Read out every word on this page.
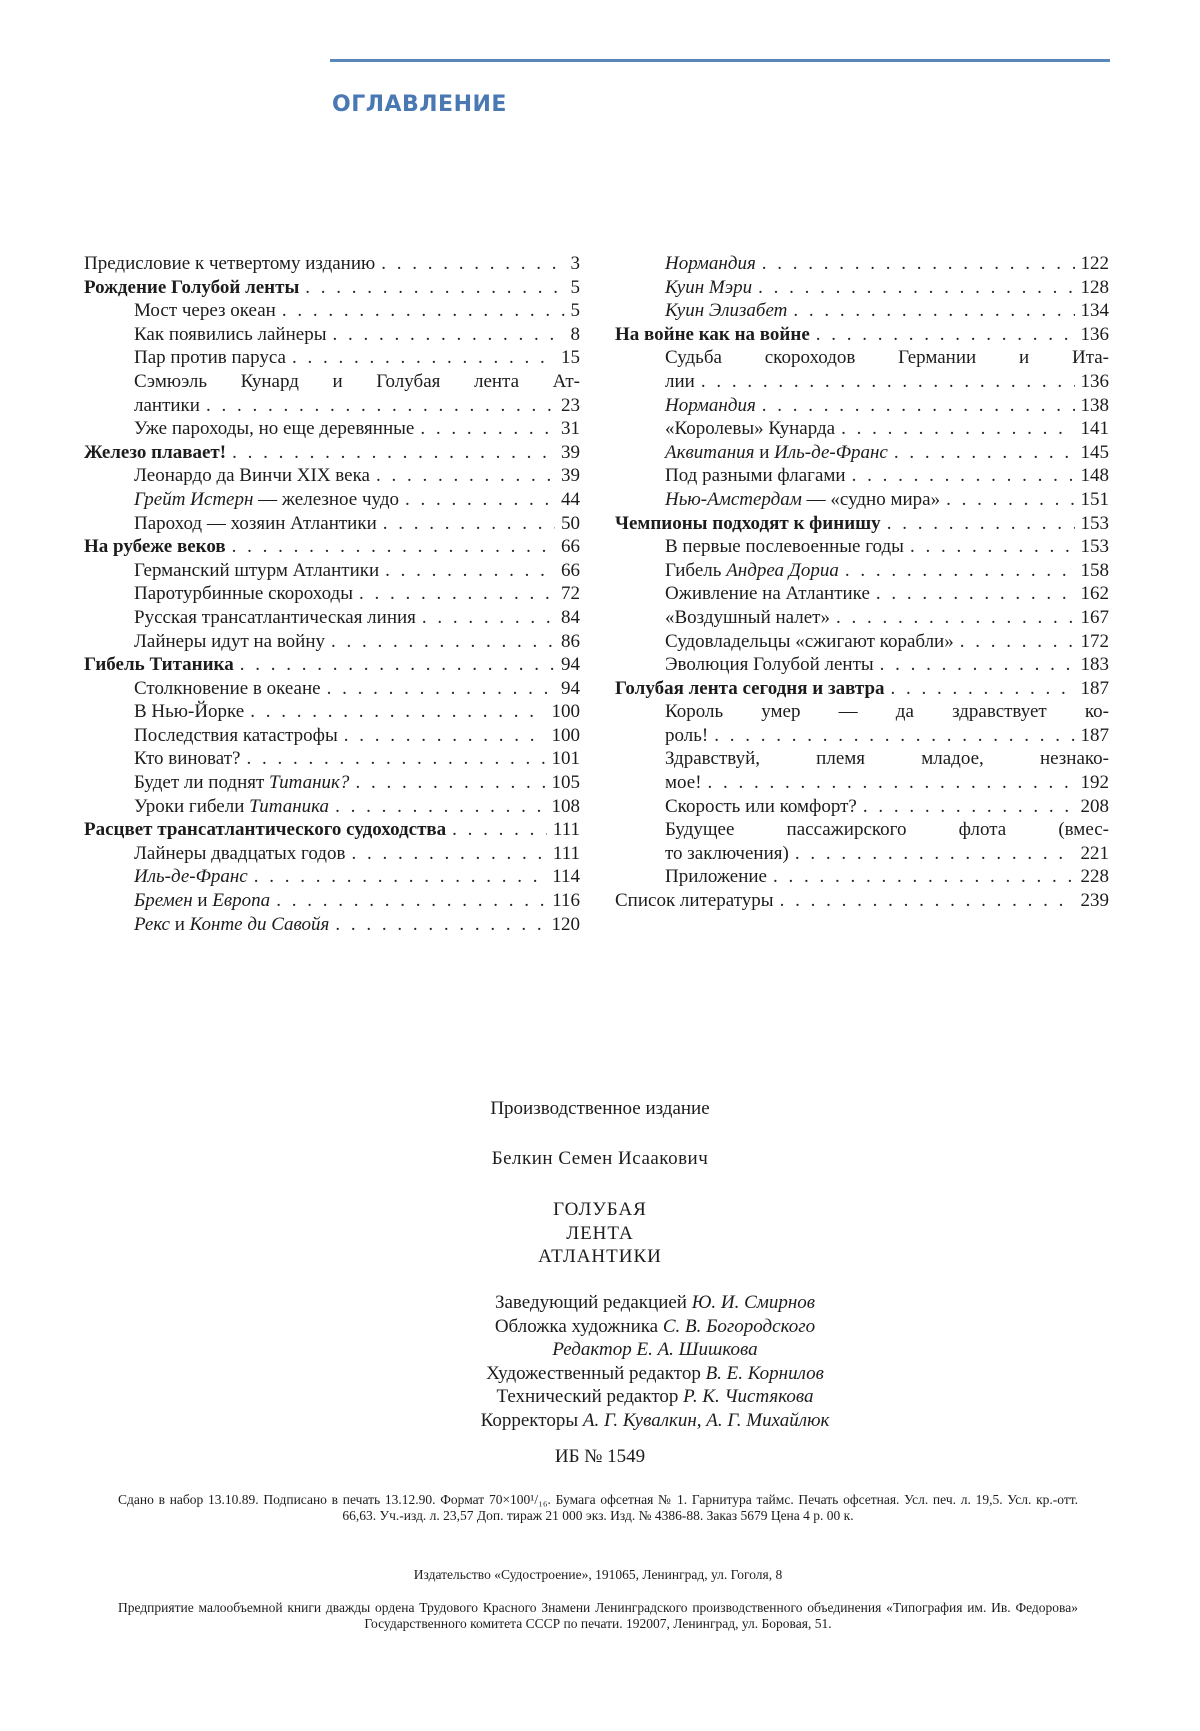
ОГЛАВЛЕНИЕ
Предисловие к четвертому изданию . . .	3
Рождение Голубой ленты . . .	5
Мост через океан . . .	5
Как появились лайнеры . . .	8
Пар против паруса . . .	15
Сэмюэль Кунард и Голубая лента Ат-
лантики . . .	23
Уже пароходы, но еще деревянные . . .	31
Железо плавает! . . .	39
Леонардо да Винчи XIX века . . .	39
Грейт Истерн — железное чудо . . .	44
Пароход — хозяин Атлантики . . .	50
На рубеже веков . . .	66
Германский штурм Атлантики . . .	66
Паротурбинные скороходы . . .	72
Русская трансатлантическая линия . . .	84
Лайнеры идут на войну . . .	86
Гибель Титаника . . .	94
Столкновение в океане . . .	94
В Нью-Йорке . . .	100
Последствия катастрофы . . .	100
Кто виноват? . . .	101
Будет ли поднят Титаник? . . .	105
Уроки гибели Титаника . . .	108
Расцвет трансатлантического судоходства . . .	111
Лайнеры двадцатых годов . . .	111
Иль-де-Франс . . .	114
Бремен и Европа . . .	116
Рекс и Конте ди Савойя . . .	120
Нормандия . . .	122
Куин Мэри . . .	128
Куин Элизабет . . .	134
На войне как на войне . . .	136
Судьба скороходов Германии и Ита-
лии . . .	136
Нормандия . . .	138
«Королевы» Кунарда . . .	141
Аквитания и Иль-де-Франс . . .	145
Под разными флагами . . .	148
Нью-Амстердам — «судно мира» . . .	151
Чемпионы подходят к финишу . . .	153
В первые послевоенные годы . . .	153
Гибель Андреа Дориа . . .	158
Оживление на Атлантике . . .	162
«Воздушный налет» . . .	167
Судовладельцы «сжигают корабли» . . .	172
Эволюция Голубой ленты . . .	183
Голубая лента сегодня и завтра . . .	187
Король умер — да здравствует ко-
роль! . . .	187
Здравствуй, племя младое, незнако-
мое! . . .	192
Скорость или комфорт? . . .	208
Будущее пассажирского флота (вмес-
то заключения) . . .	221
Приложение . . .	228
Список литературы . . .	239
Производственное издание
Белкин Семен Исаакович
ГОЛУБАЯ
ЛЕНТА
АТЛАНТИКИ
Заведующий редакцией Ю. И. Смирнов
Обложка художника С. В. Богородского
Редактор Е. А. Шишкова
Художественный редактор В. Е. Корнилов
Технический редактор Р. К. Чистякова
Корректоры А. Г. Кувалкин, А. Г. Михайлюк
ИБ № 1549
Сдано в набор 13.10.89. Подписано в печать 13.12.90. Формат 70×100¹/₁₆. Бумага офсетная № 1. Гарнитура таймс. Печать офсетная. Усл. печ. л. 19,5. Усл. кр.-отт. 66,63. Уч.-изд. л. 23,57 Доп. тираж 21 000 экз. Изд. № 4386-88. Заказ 5679 Цена 4 р. 00 к.
Издательство «Судостроение», 191065, Ленинград, ул. Гоголя, 8
Предприятие малообъемной книги дважды ордена Трудового Красного Знамени Ленинградского производственного объединения «Типография им. Ив. Федорова» Государственного комитета СССР по печати. 192007, Ленинград, ул. Боровая, 51.
